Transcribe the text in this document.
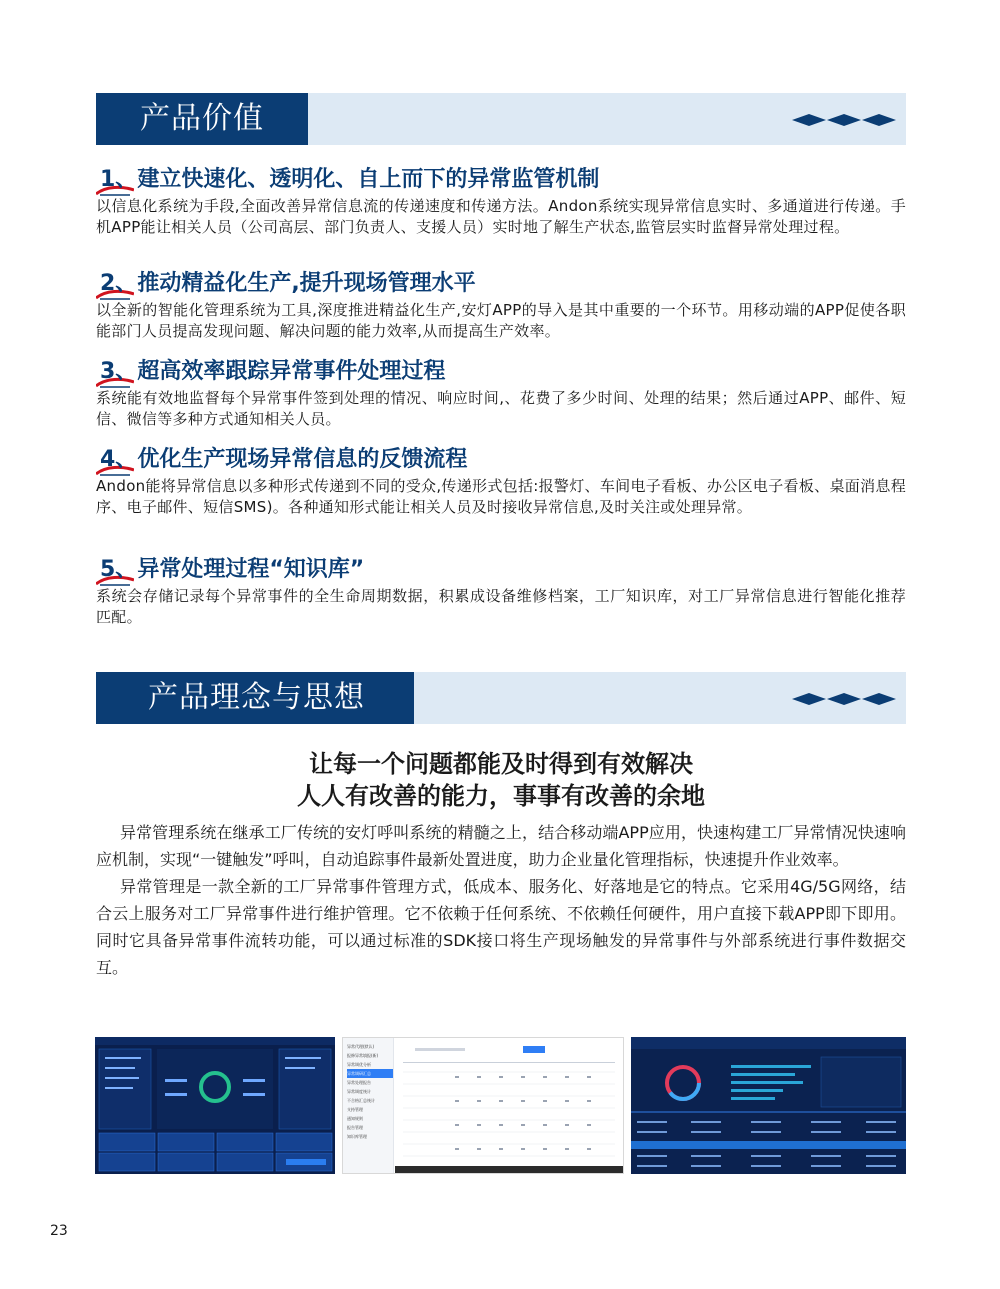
产品价值
1、建立快速化、透明化、自上而下的异常监管机制

以信息化系统为手段,全面改善异常信息流的传递速度和传递方法。Andon系统实现异常信息实时、多通道进行传递。手机APP能让相关人员（公司高层、部门负责人、支援人员）实时地了解生产状态,监管层实时监督异常处理过程。

2、推动精益化生产,提升现场管理水平

以全新的智能化管理系统为工具,深度推进精益化生产,安灯APP的导入是其中重要的一个环节。用移动端的APP促使各职能部门人员提高发现问题、解决问题的能力效率,从而提高生产效率。

3、超高效率跟踪异常事件处理过程

系统能有效地监督每个异常事件签到处理的情况、响应时间,、花费了多少时间、处理的结果；然后通过APP、邮件、短信、微信等多种方式通知相关人员。

4、优化生产现场异常信息的反馈流程

Andon能将异常信息以多种形式传递到不同的受众,传递形式包括:报警灯、车间电子看板、办公区电子看板、桌面消息程序、电子邮件、短信SMS)。各种通知形式能让相关人员及时接收异常信息,及时关注或处理异常。

5、异常处理过程“知识库”

系统会存储记录每个异常事件的全生命周期数据，积累成设备维修档案，工厂知识库，对工厂异常信息进行智能化推荐匹配。

产品理念与思想
让每一个问题都能及时得到有效解决
人人有改善的能力，事事有改善的余地

异常管理系统在继承工厂传统的安灯呼叫系统的精髓之上，结合移动端APP应用，快速构建工厂异常情况快速响应机制，实现“一键触发”呼叫，自动追踪事件最新处置进度，助力企业量化管理指标，快速提升作业效率。

异常管理是一款全新的工厂异常事件管理方式，低成本、服务化、好落地是它的特点。它采用4G/5G网络，结合云上服务对工厂异常事件进行维护管理。它不依赖于任何系统、不依赖任何硬件，用户直接下载APP即下即用。同时它具备异常事件流转功能，可以通过标准的SDK接口将生产现场触发的异常事件与外部系统进行事件数据交互。

异常代理(默认)
报修异常填报(新)
异常调优分析
异常调研汇总
异常处理报告
异常调度统计
不合格汇总统计
支持管理
通知规则
报告管理
知识库管理
23
